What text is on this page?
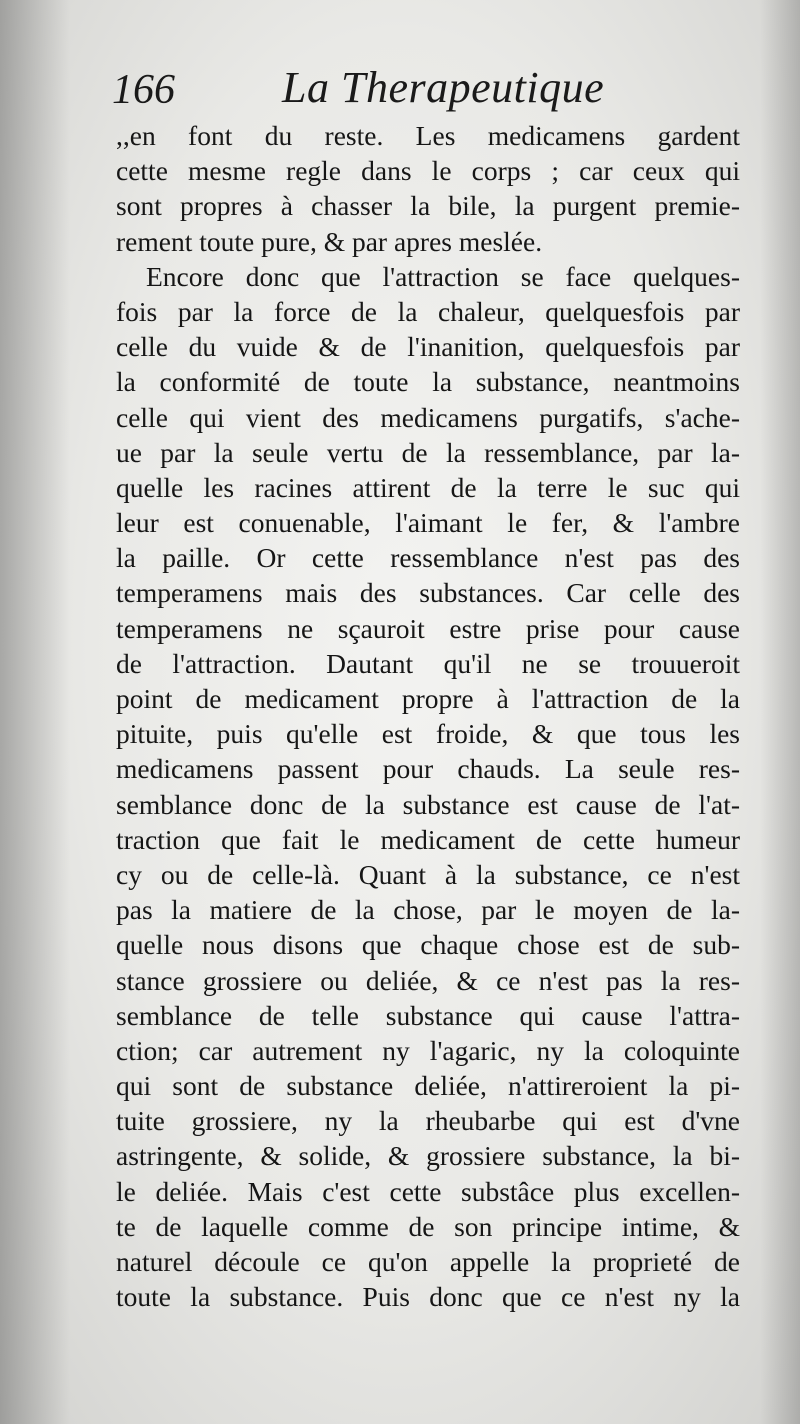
166 La Therapeutique
,,en font du reste. Les medicamens gardent
cette mesme regle dans le corps ; car ceux qui
sont propres à chasser la bile, la purgent premie-
rement toute pure, & par apres meslée.
Encore donc que l'attraction se face quelques-
fois par la force de la chaleur, quelquesfois par
celle du vuide & de l'inanition, quelquesfois par
la conformité de toute la substance, neantmoins
celle qui vient des medicamens purgatifs, s'ache-
ue par la seule vertu de la ressemblance, par la-
quelle les racines attirent de la terre le suc qui
leur est conuenable, l'aimant le fer, & l'ambre
la paille. Or cette ressemblance n'est pas des
temperamens mais des substances. Car celle des
temperamens ne sçauroit estre prise pour cause
de l'attraction. Dautant qu'il ne se trouueroit
point de medicament propre à l'attraction de la
pituite, puis qu'elle est froide, & que tous les
medicamens passent pour chauds. La seule res-
semblance donc de la substance est cause de l'at-
traction que fait le medicament de cette humeur
cy ou de celle-là. Quant à la substance, ce n'est
pas la matiere de la chose, par le moyen de la-
quelle nous disons que chaque chose est de sub-
stance grossiere ou deliée, & ce n'est pas la res-
semblance de telle substance qui cause l'attra-
ction; car autrement ny l'agaric, ny la coloquinte
qui sont de substance deliée, n'attireroient la pi-
tuite grossiere, ny la rheubarbe qui est d'vne
astringente, & solide, & grossiere substance, la bi-
le deliée. Mais c'est cette substâce plus excellen-
te de laquelle comme de son principe intime, &
naturel découle ce qu'on appelle la proprieté de
toute la substance. Puis donc que ce n'est ny la
